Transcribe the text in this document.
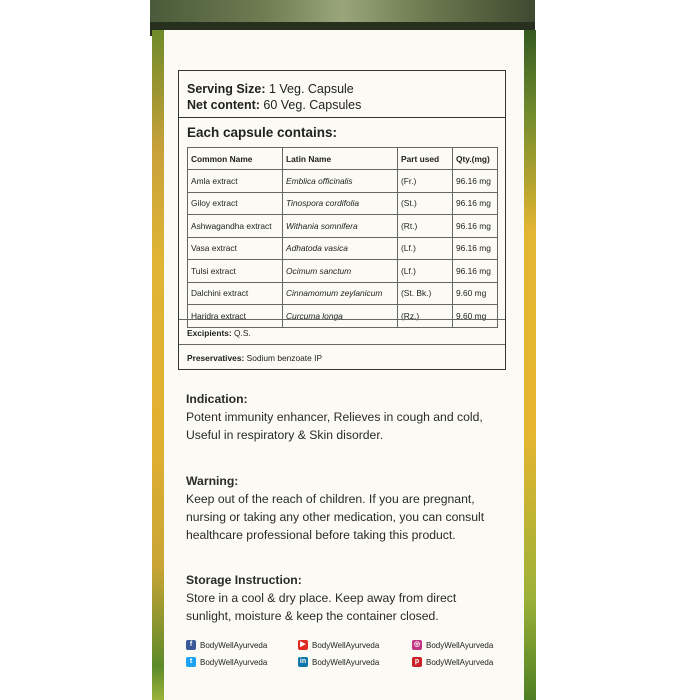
Serving Size: 1 Veg. Capsule
Net content: 60 Veg. Capsules
Each capsule contains:
Common Name	Latin Name	Part used	Qty.(mg)
Amla extract	Emblica officinalis	(Fr.)	96.16 mg
Giloy extract	Tinospora cordifolia	(St.)	96.16 mg
Ashwagandha extract	Withania somnifera	(Rt.)	96.16 mg
Vasa extract	Adhatoda vasica	(Lf.)	96.16 mg
Tulsi extract	Ocimum sanctum	(Lf.)	96.16 mg
Dalchini extract	Cinnamomum zeylanicum	(St. Bk.)	9.60 mg
Haridra extract	Curcuma longa	(Rz.)	9.60 mg
Excipients: Q.S.
Preservatives: Sodium benzoate IP
Indication:
Potent immunity enhancer, Relieves in cough and cold,
Useful in respiratory & Skin disorder.
Warning:
Keep out of the reach of children. If you are pregnant,
nursing or taking any other medication, you can consult
healthcare professional before taking this product.
Storage Instruction:
Store in a cool & dry place. Keep away from direct
sunlight, moisture & keep the container closed.
f BodyWellAyurveda
t BodyWellAyurveda
▶ BodyWellAyurveda
in BodyWellAyurveda
◎ BodyWellAyurveda
p BodyWellAyurveda
